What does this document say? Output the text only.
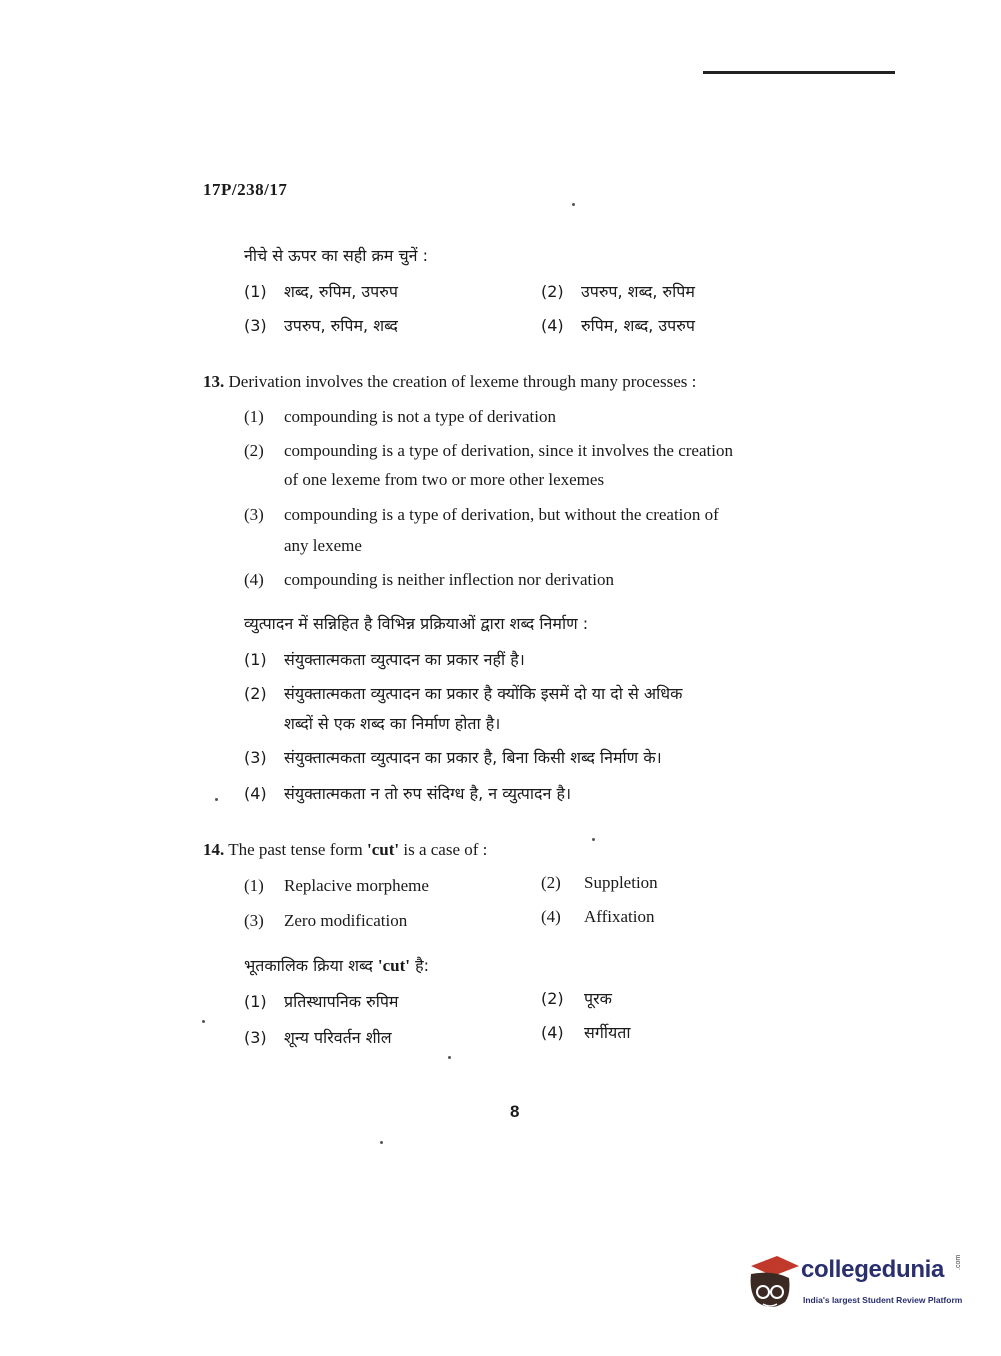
17P/238/17
नीचे से ऊपर का सही क्रम चुनें :
(1) शब्द, रुपिम, उपरुप	(2) उपरुप, शब्द, रुपिम
(3) उपरुप, रुपिम, शब्द	(4) रुपिम, शब्द, उपरुप
13. Derivation involves the creation of lexeme through many processes :
(1) compounding is not a type of derivation
(2) compounding is a type of derivation, since it involves the creation
of one lexeme from two or more other lexemes
(3) compounding is a type of derivation, but without the creation of
any lexeme
(4) compounding is neither inflection nor derivation
व्युत्पादन में सन्निहित है विभिन्न प्रक्रियाओं द्वारा शब्द निर्माण :
(1) संयुक्तात्मकता व्युत्पादन का प्रकार नहीं है।
(2) संयुक्तात्मकता व्युत्पादन का प्रकार है क्योंकि इसमें दो या दो से अधिक
शब्दों से एक शब्द का निर्माण होता है।
(3) संयुक्तात्मकता व्युत्पादन का प्रकार है, बिना किसी शब्द निर्माण के।
(4) संयुक्तात्मकता न तो रुप संदिग्ध है, न व्युत्पादन है।
14. The past tense form 'cut' is a case of :
(1) Replacive morpheme	(2) Suppletion
(3) Zero modification	(4) Affixation
भूतकालिक क्रिया शब्द 'cut' है:
(1) प्रतिस्थापनिक रुपिम	(2) पूरक
(3) शून्य परिवर्तन शील	(4) सर्गीयता
8
collegedunia .com
India's largest Student Review Platform
